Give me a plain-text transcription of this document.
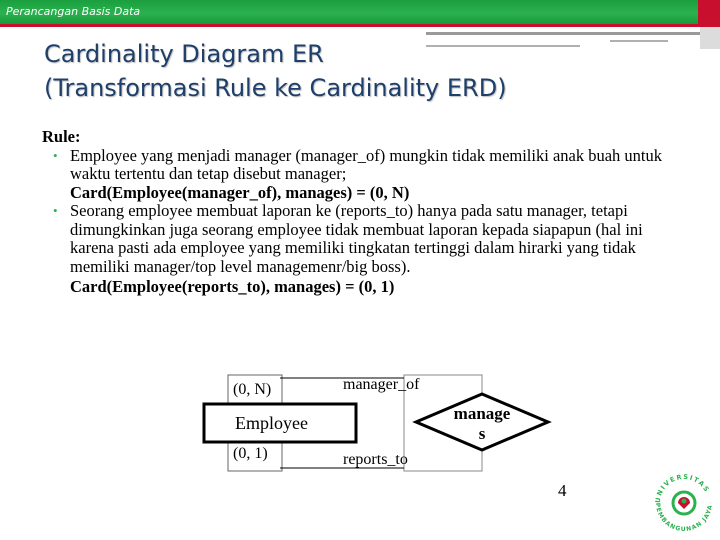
Perancangan Basis Data
Cardinality Diagram ER
(Transformasi Rule ke Cardinality ERD)
Rule:
• Employee yang menjadi manager (manager_of) mungkin tidak memiliki anak buah untuk waktu tertentu dan tetap disebut manager;
Card(Employee(manager_of), manages) = (0, N)
• Seorang employee membuat laporan ke (reports_to) hanya pada satu manager, tetapi dimungkinkan juga seorang employee tidak membuat laporan kepada siapapun (hal ini karena pasti ada employee yang memiliki tingkatan tertinggi dalam hirarki yang tidak memiliki manager/top level managemenr/big boss).
Card(Employee(reports_to), manages) = (0, 1)
(0, N)
(0, 1)
manager_of
reports_to
Employee	manage
s
4	UNIVERSITAS
PEMBANGUNAN JAYA
